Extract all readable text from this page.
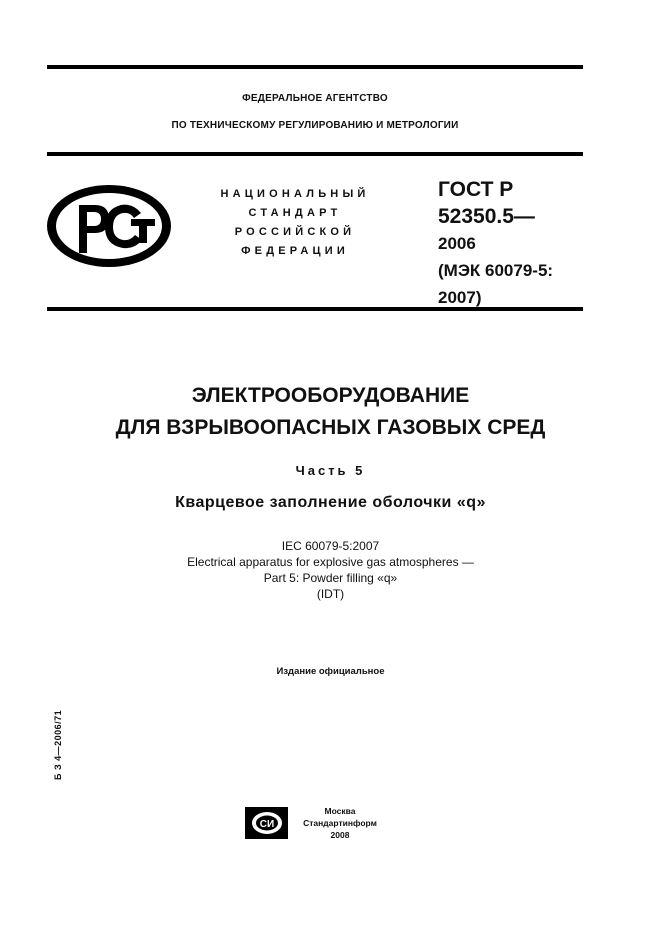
ФЕДЕРАЛЬНОЕ АГЕНТСТВО
ПО ТЕХНИЧЕСКОМУ РЕГУЛИРОВАНИЮ И МЕТРОЛОГИИ
НАЦИОНАЛЬНЫЙ
СТАНДАРТ
РОССИЙСКОЙ
ФЕДЕРАЦИИ
ГОСТ Р
52350.5—
2006
(МЭК 60079-5:
2007)
ЭЛЕКТРООБОРУДОВАНИЕ
ДЛЯ ВЗРЫВООПАСНЫХ ГАЗОВЫХ СРЕД
Часть 5
Кварцевое заполнение оболочки «q»
IEC 60079-5:2007
Electrical apparatus for explosive gas atmospheres —
Part 5: Powder filling «q»
(IDT)
Издание официальное
Б З 4—2006/71
СИ
Москва
Стандартинформ
2008
